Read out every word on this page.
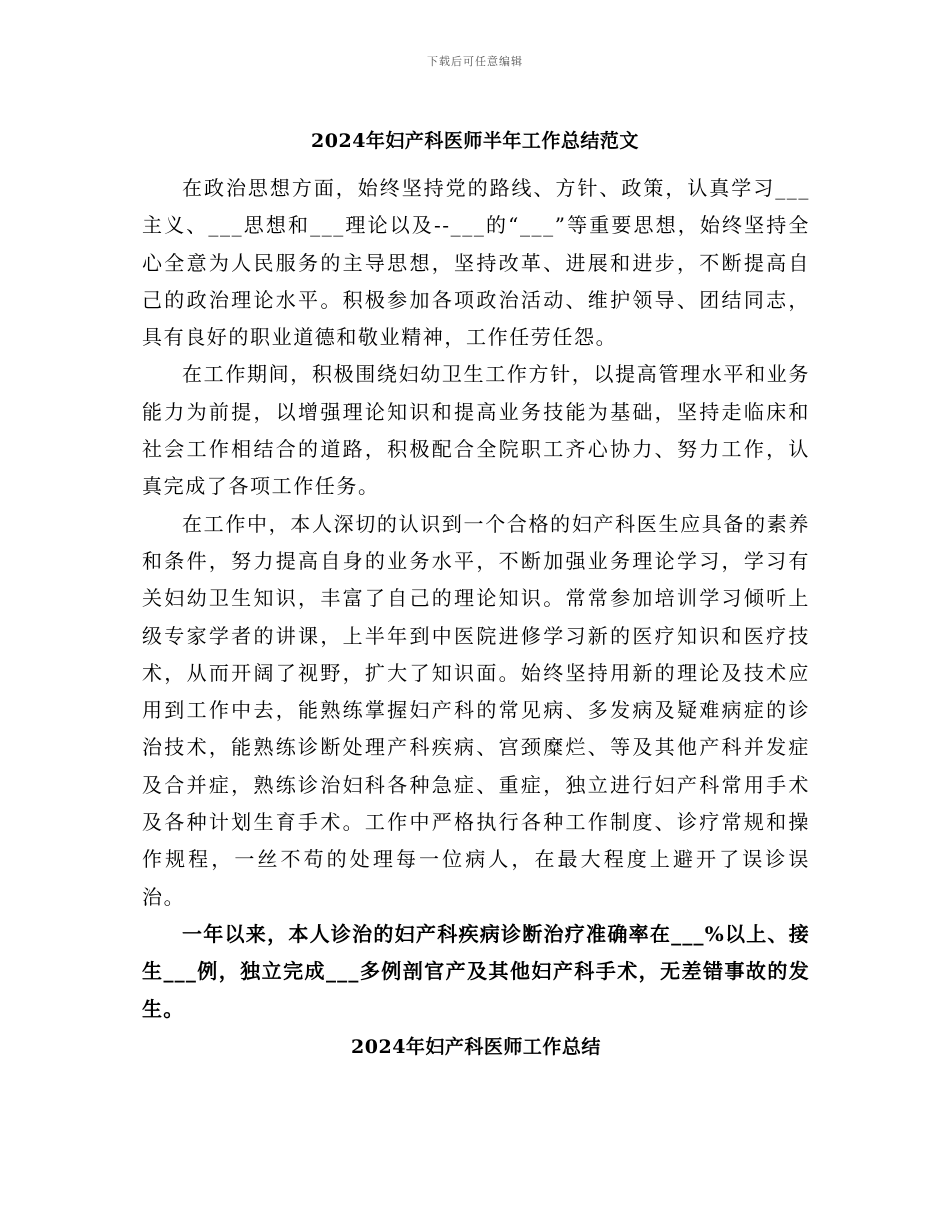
下载后可任意编辑
2024年妇产科医师半年工作总结范文

在政治思想方面，始终坚持党的路线、方针、政策，认真学习___主义、___思想和___理论以及--___的“___”等重要思想，始终坚持全心全意为人民服务的主导思想，坚持改革、进展和进步，不断提高自己的政治理论水平。积极参加各项政治活动、维护领导、团结同志，具有良好的职业道德和敬业精神，工作任劳任怨。

在工作期间，积极围绕妇幼卫生工作方针，以提高管理水平和业务能力为前提，以增强理论知识和提高业务技能为基础，坚持走临床和社会工作相结合的道路，积极配合全院职工齐心协力、努力工作，认真完成了各项工作任务。

在工作中，本人深切的认识到一个合格的妇产科医生应具备的素养和条件，努力提高自身的业务水平，不断加强业务理论学习，学习有关妇幼卫生知识，丰富了自己的理论知识。常常参加培训学习倾听上级专家学者的讲课，上半年到中医院进修学习新的医疗知识和医疗技术，从而开阔了视野，扩大了知识面。始终坚持用新的理论及技术应用到工作中去，能熟练掌握妇产科的常见病、多发病及疑难病症的诊治技术，能熟练诊断处理产科疾病、宫颈糜烂、等及其他产科并发症及合并症，熟练诊治妇科各种急症、重症，独立进行妇产科常用手术及各种计划生育手术。工作中严格执行各种工作制度、诊疗常规和操作规程，一丝不苟的处理每一位病人，在最大程度上避开了误诊误治。

一年以来，本人诊治的妇产科疾病诊断治疗准确率在___%以上、接生___例，独立完成___多例剖官产及其他妇产科手术，无差错事故的发生。

2024年妇产科医师工作总结
